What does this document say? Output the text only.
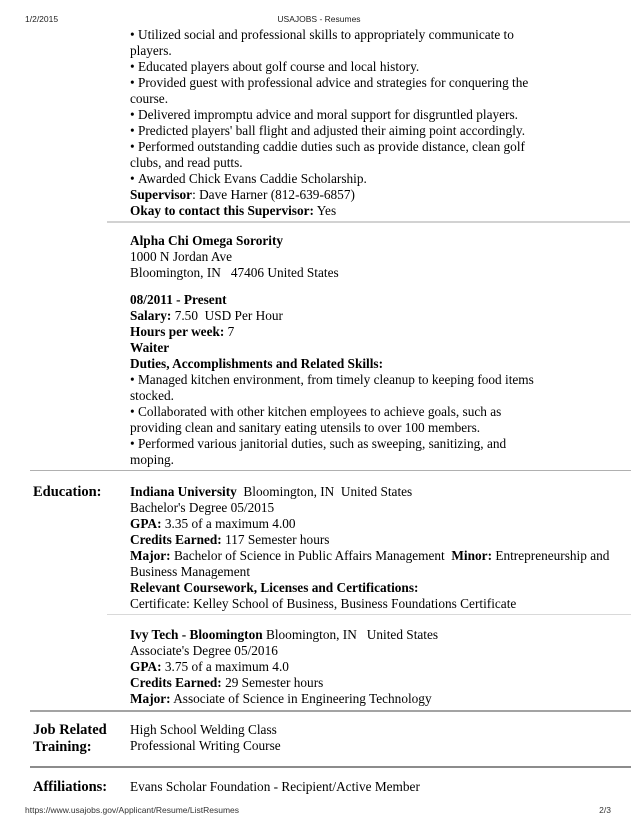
1/2/2015	USAJOBS - Resumes
• Utilized social and professional skills to appropriately communicate to players.
• Educated players about golf course and local history.
• Provided guest with professional advice and strategies for conquering the course.
• Delivered impromptu advice and moral support for disgruntled players.
• Predicted players' ball flight and adjusted their aiming point accordingly.
• Performed outstanding caddie duties such as provide distance, clean golf clubs, and read putts.
• Awarded Chick Evans Caddie Scholarship.
Supervisor: Dave Harner (812-639-6857)
Okay to contact this Supervisor: Yes
Alpha Chi Omega Sorority
1000 N Jordan Ave
Bloomington, IN   47406 United States
08/2011 - Present
Salary: 7.50  USD Per Hour
Hours per week: 7
Waiter
Duties, Accomplishments and Related Skills:
• Managed kitchen environment, from timely cleanup to keeping food items stocked.
• Collaborated with other kitchen employees to achieve goals, such as providing clean and sanitary eating utensils to over 100 members.
• Performed various janitorial duties, such as sweeping, sanitizing, and moping.
Education:	Indiana University Bloomington, IN  United States
Bachelor's Degree 05/2015
GPA: 3.35 of a maximum 4.00
Credits Earned: 117 Semester hours
Major: Bachelor of Science in Public Affairs Management Minor: Entrepreneurship and Business Management
Relevant Coursework, Licenses and Certifications:
Certificate: Kelley School of Business, Business Foundations Certificate
Ivy Tech - Bloomington Bloomington, IN   United States
Associate's Degree 05/2016
GPA: 3.75 of a maximum 4.0
Credits Earned: 29 Semester hours
Major: Associate of Science in Engineering Technology
Job Related Training:
High School Welding Class
Professional Writing Course
Affiliations:	Evans Scholar Foundation - Recipient/Active Member
https://www.usajobs.gov/Applicant/Resume/ListResumes	2/3
